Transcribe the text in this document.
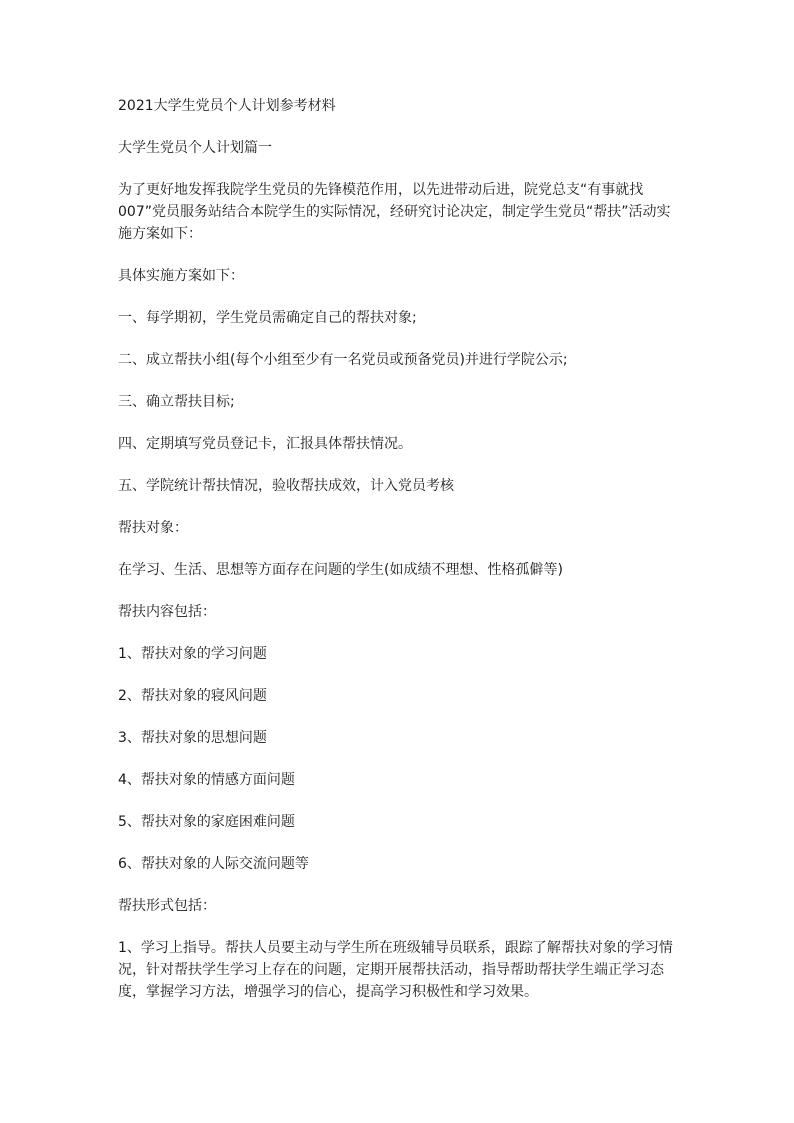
2021大学生党员个人计划参考材料

大学生党员个人计划篇一

为了更好地发挥我院学生党员的先锋模范作用，以先进带动后进，院党总支“有事就找007”党员服务站结合本院学生的实际情况，经研究讨论决定，制定学生党员“帮扶”活动实施方案如下：

具体实施方案如下：

一、每学期初，学生党员需确定自己的帮扶对象;

二、成立帮扶小组(每个小组至少有一名党员或预备党员)并进行学院公示;

三、确立帮扶目标;

四、定期填写党员登记卡，汇报具体帮扶情况。

五、学院统计帮扶情况，验收帮扶成效，计入党员考核

帮扶对象：

在学习、生活、思想等方面存在问题的学生(如成绩不理想、性格孤僻等)

帮扶内容包括：

1、帮扶对象的学习问题

2、帮扶对象的寝风问题

3、帮扶对象的思想问题

4、帮扶对象的情感方面问题

5、帮扶对象的家庭困难问题

6、帮扶对象的人际交流问题等

帮扶形式包括：

1、学习上指导。帮扶人员要主动与学生所在班级辅导员联系，跟踪了解帮扶对象的学习情况，针对帮扶学生学习上存在的问题，定期开展帮扶活动，指导帮助帮扶学生端正学习态度，掌握学习方法，增强学习的信心，提高学习积极性和学习效果。
